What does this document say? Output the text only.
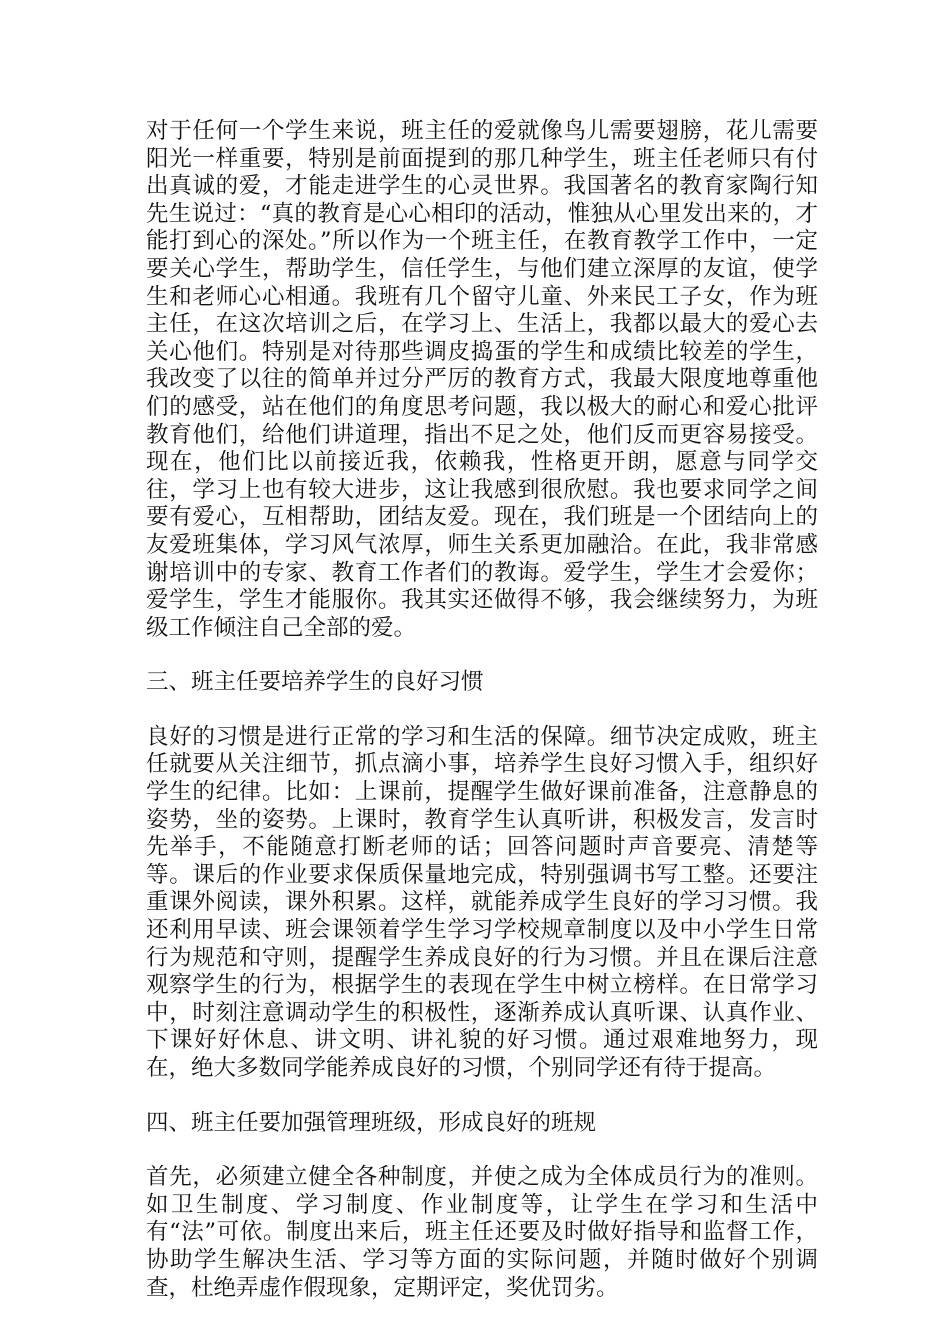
对于任何一个学生来说，班主任的爱就像鸟儿需要翅膀，花儿需要阳光一样重要，特别是前面提到的那几种学生，班主任老师只有付出真诚的爱，才能走进学生的心灵世界。我国著名的教育家陶行知先生说过：“真的教育是心心相印的活动，惟独从心里发出来的，才能打到心的深处。”所以作为一个班主任，在教育教学工作中，一定要关心学生，帮助学生，信任学生，与他们建立深厚的友谊，使学生和老师心心相通。我班有几个留守儿童、外来民工子女，作为班主任，在这次培训之后，在学习上、生活上，我都以最大的爱心去关心他们。特别是对待那些调皮捣蛋的学生和成绩比较差的学生，我改变了以往的简单并过分严厉的教育方式，我最大限度地尊重他们的感受，站在他们的角度思考问题，我以极大的耐心和爱心批评教育他们，给他们讲道理，指出不足之处，他们反而更容易接受。现在，他们比以前接近我，依赖我，性格更开朗，愿意与同学交往，学习上也有较大进步，这让我感到很欣慰。我也要求同学之间要有爱心，互相帮助，团结友爱。现在，我们班是一个团结向上的友爱班集体，学习风气浓厚，师生关系更加融洽。在此，我非常感谢培训中的专家、教育工作者们的教诲。爱学生，学生才会爱你；爱学生，学生才能服你。我其实还做得不够，我会继续努力，为班级工作倾注自己全部的爱。

三、班主任要培养学生的良好习惯

良好的习惯是进行正常的学习和生活的保障。细节决定成败，班主任就要从关注细节，抓点滴小事，培养学生良好习惯入手，组织好学生的纪律。比如：上课前，提醒学生做好课前准备，注意静息的姿势，坐的姿势。上课时，教育学生认真听讲，积极发言，发言时先举手，不能随意打断老师的话；回答问题时声音要亮、清楚等等。课后的作业要求保质保量地完成，特别强调书写工整。还要注重课外阅读，课外积累。这样，就能养成学生良好的学习习惯。我还利用早读、班会课领着学生学习学校规章制度以及中小学生日常行为规范和守则，提醒学生养成良好的行为习惯。并且在课后注意观察学生的行为，根据学生的表现在学生中树立榜样。在日常学习中，时刻注意调动学生的积极性，逐渐养成认真听课、认真作业、下课好好休息、讲文明、讲礼貌的好习惯。通过艰难地努力，现在，绝大多数同学能养成良好的习惯，个别同学还有待于提高。

四、班主任要加强管理班级，形成良好的班规

首先，必须建立健全各种制度，并使之成为全体成员行为的准则。如卫生制度、学习制度、作业制度等，让学生在学习和生活中有“法”可依。制度出来后，班主任还要及时做好指导和监督工作，协助学生解决生活、学习等方面的实际问题，并随时做好个别调查，杜绝弄虚作假现象，定期评定，奖优罚劣。
